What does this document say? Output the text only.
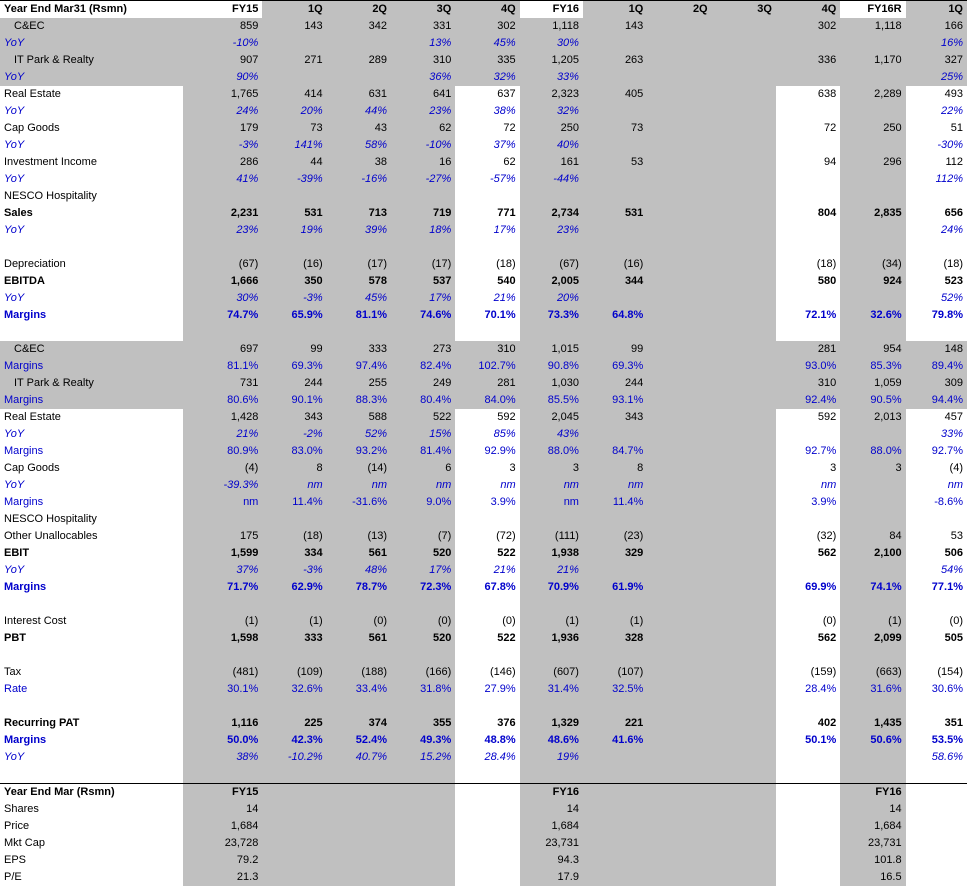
Year End Mar31 (Rsmn)	FY15	1Q	2Q	3Q	4Q	FY16	1Q	2Q	3Q	4Q	FY16R	1Q
C&EC	859	143	342	331	302	1,118	143			302	1,118	166
YoY	-10%			13%	45%	30%						16%
IT Park & Realty	907	271	289	310	335	1,205	263			336	1,170	327
YoY	90%			36%	32%	33%						25%
Real Estate	1,765	414	631	641	637	2,323	405			638	2,289	493
YoY	24%	20%	44%	23%	38%	32%						22%
Cap Goods	179	73	43	62	72	250	73			72	250	51
YoY	-3%	141%	58%	-10%	37%	40%						-30%
Investment Income	286	44	38	16	62	161	53			94	296	112
YoY	41%	-39%	-16%	-27%	-57%	-44%						112%
NESCO Hospitality												
Sales	2,231	531	713	719	771	2,734	531			804	2,835	656
YoY	23%	19%	39%	18%	17%	23%						24%

Depreciation	(67)	(16)	(17)	(17)	(18)	(67)	(16)			(18)	(34)	(18)
EBITDA	1,666	350	578	537	540	2,005	344			580	924	523
YoY	30%	-3%	45%	17%	21%	20%						52%
Margins	74.7%	65.9%	81.1%	74.6%	70.1%	73.3%	64.8%			72.1%	32.6%	79.8%

C&EC	697	99	333	273	310	1,015	99			281	954	148
Margins	81.1%	69.3%	97.4%	82.4%	102.7%	90.8%	69.3%			93.0%	85.3%	89.4%
IT Park & Realty	731	244	255	249	281	1,030	244			310	1,059	309
Margins	80.6%	90.1%	88.3%	80.4%	84.0%	85.5%	93.1%			92.4%	90.5%	94.4%
Real Estate	1,428	343	588	522	592	2,045	343			592	2,013	457
YoY	21%	-2%	52%	15%	85%	43%						33%
Margins	80.9%	83.0%	93.2%	81.4%	92.9%	88.0%	84.7%			92.7%	88.0%	92.7%
Cap Goods	(4)	8	(14)	6	3	3	8			3	3	(4)
YoY	-39.3%	nm	nm	nm	nm	nm	nm			nm		nm
Margins	nm	11.4%	-31.6%	9.0%	3.9%	nm	11.4%			3.9%		-8.6%
NESCO Hospitality												
Other Unallocables	175	(18)	(13)	(7)	(72)	(111)	(23)			(32)	84	53
EBIT	1,599	334	561	520	522	1,938	329			562	2,100	506
YoY	37%	-3%	48%	17%	21%	21%						54%
Margins	71.7%	62.9%	78.7%	72.3%	67.8%	70.9%	61.9%			69.9%	74.1%	77.1%

Interest Cost	(1)	(1)	(0)	(0)	(0)	(1)	(1)			(0)	(1)	(0)
PBT	1,598	333	561	520	522	1,936	328			562	2,099	505

Tax	(481)	(109)	(188)	(166)	(146)	(607)	(107)			(159)	(663)	(154)
Rate	30.1%	32.6%	33.4%	31.8%	27.9%	31.4%	32.5%			28.4%	31.6%	30.6%

Recurring PAT	1,116	225	374	355	376	1,329	221			402	1,435	351
Margins	50.0%	42.3%	52.4%	49.3%	48.8%	48.6%	41.6%			50.1%	50.6%	53.5%
YoY	38%	-10.2%	40.7%	15.2%	28.4%	19%						58.6%

Year End Mar (Rsmn)	FY15					FY16					FY16	
Shares	14					14					14	
Price	1,684					1,684					1,684	
Mkt Cap	23,728					23,731					23,731	
EPS	79.2					94.3					101.8	
P/E	21.3					17.9					16.5	
